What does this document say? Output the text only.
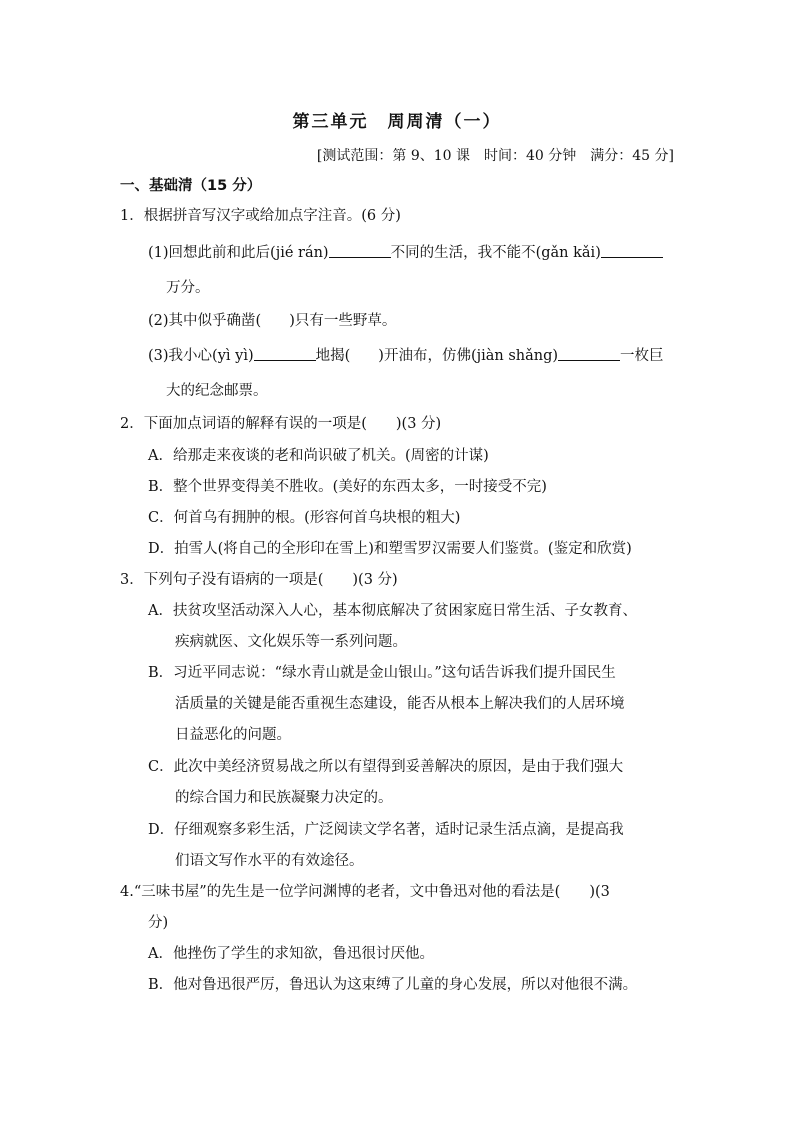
第三单元　周周清（一）
[测试范围：第 9、10 课　时间：40 分钟　满分：45 分]
一、基础清（15 分）
1．根据拼音写汉字或给加点字注音。(6 分)
(1)回想此前和此后(jié rán)	不同的生活，我不能不(gǎn kǎi)
万分。
(2)其中似乎确凿( )只有一些野草。
(3)我小心(yì yì)	地揭( )开油布，仿佛(jiàn shǎng)	一枚巨
大的纪念邮票。
2．下面加点词语的解释有误的一项是(　　)(3 分)
A．给那走来夜谈的老和尚识破了机关。(周密的计谋)
B．整个世界变得美不胜收。(美好的东西太多，一时接受不完)
C．何首乌有拥肿的根。(形容何首乌块根的粗大)
D．拍雪人(将自己的全形印在雪上)和塑雪罗汉需要人们鉴赏。(鉴定和欣赏)
3．下列句子没有语病的一项是(　　)(3 分)
A．扶贫攻坚活动深入人心，基本彻底解决了贫困家庭日常生活、子女教育、
疾病就医、文化娱乐等一系列问题。
B．习近平同志说：“绿水青山就是金山银山。”这句话告诉我们提升国民生
活质量的关键是能否重视生态建设，能否从根本上解决我们的人居环境
日益恶化的问题。
C．此次中美经济贸易战之所以有望得到妥善解决的原因，是由于我们强大
的综合国力和民族凝聚力决定的。
D．仔细观察多彩生活，广泛阅读文学名著，适时记录生活点滴，是提高我
们语文写作水平的有效途径。
4.“三味书屋”的先生是一位学问渊博的老者，文中鲁迅对他的看法是(　　)(3
分)
A．他挫伤了学生的求知欲，鲁迅很讨厌他。
B．他对鲁迅很严厉，鲁迅认为这束缚了儿童的身心发展，所以对他很不满。
